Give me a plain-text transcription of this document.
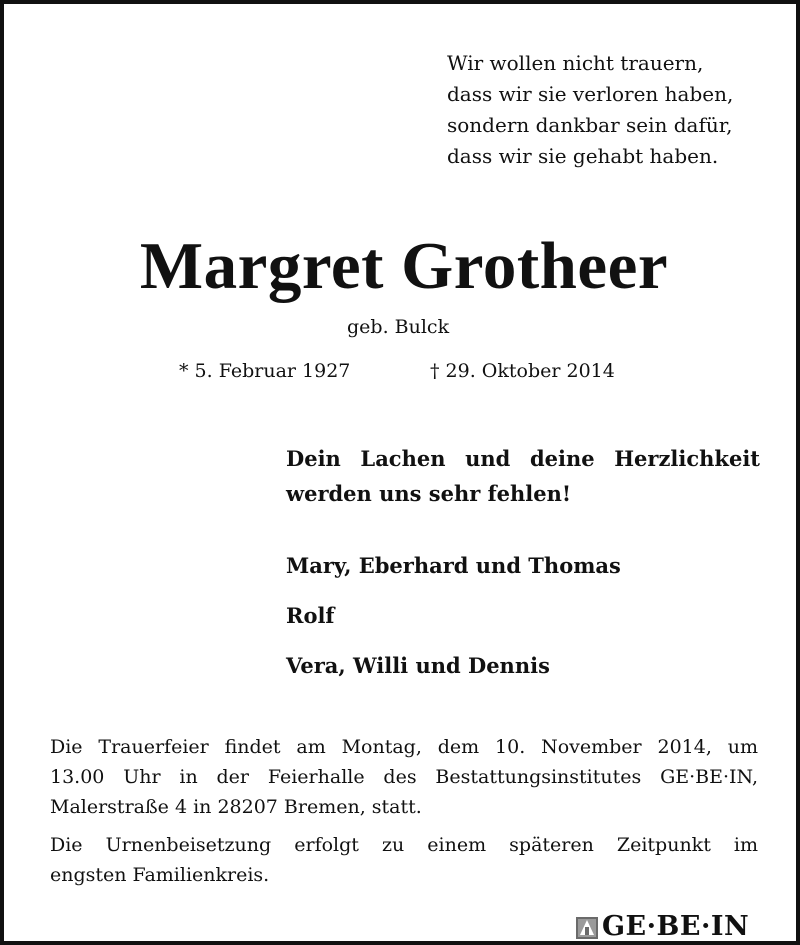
Wir wollen nicht trauern,
dass wir sie verloren haben,
sondern dankbar sein dafür,
dass wir sie gehabt haben.
Margret Grotheer
geb. Bulck
* 5. Februar 1927	† 29. Oktober 2014
Dein Lachen und deine Herzlichkeit
werden uns sehr fehlen!
Mary, Eberhard und Thomas
Rolf
Vera, Willi und Dennis

Die Trauerfeier findet am Montag, dem 10. November 2014, um
13.00 Uhr in der Feierhalle des Bestattungsinstitutes GE·BE·IN,
Malerstraße 4 in 28207 Bremen, statt.

Die Urnenbeisetzung erfolgt zu einem späteren Zeitpunkt im
engsten Familienkreis.

GE·BE·IN
